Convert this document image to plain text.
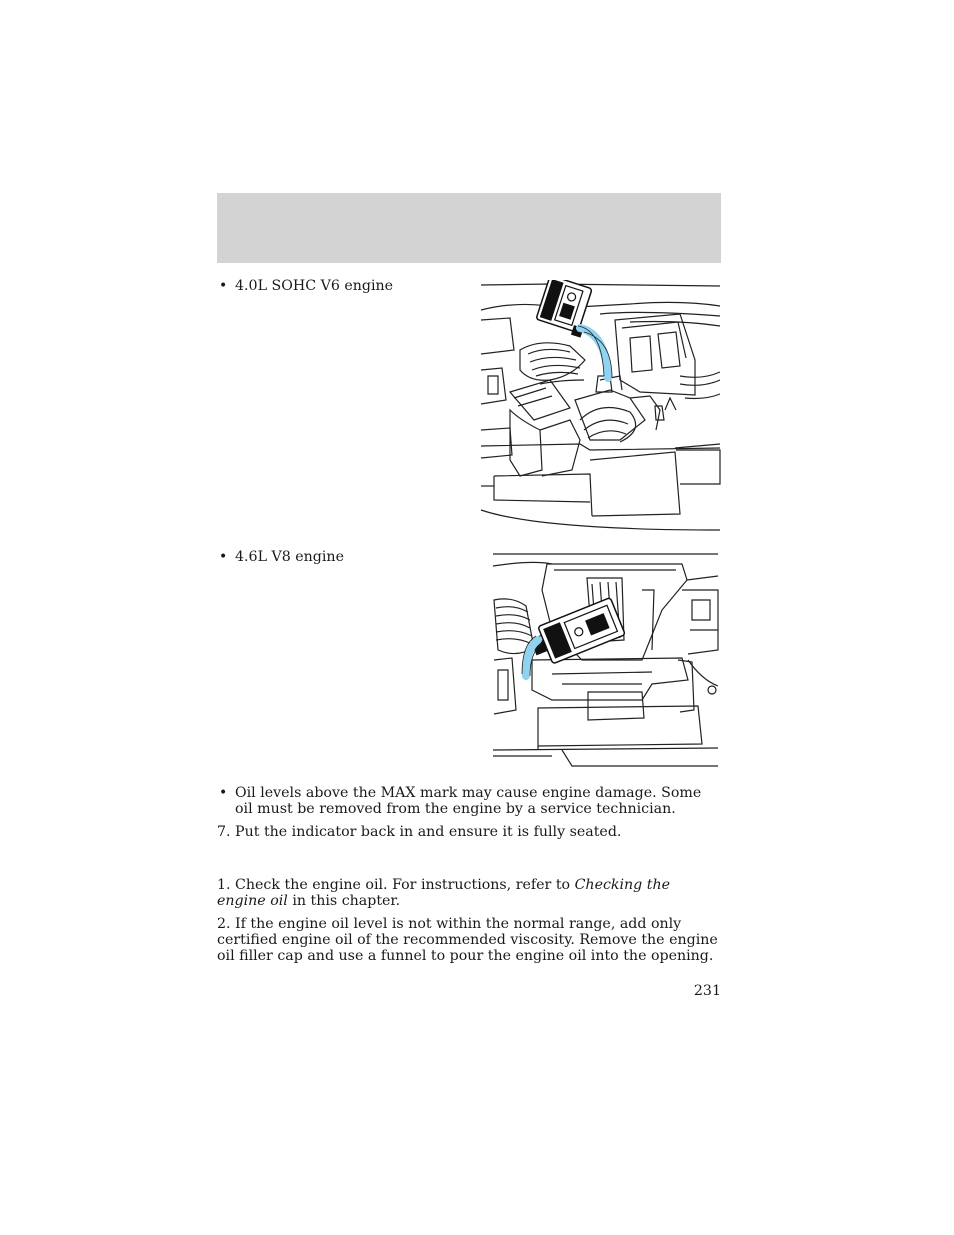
• 4.0L SOHC V6 engine
• 4.6L V8 engine
• Oil levels above the MAX mark may cause engine damage. Some oil must be removed from the engine by a service technician.
7. Put the indicator back in and ensure it is fully seated.
1. Check the engine oil. For instructions, refer to Checking the engine oil in this chapter.
2. If the engine oil level is not within the normal range, add only certified engine oil of the recommended viscosity. Remove the engine oil filler cap and use a funnel to pour the engine oil into the opening.
231
